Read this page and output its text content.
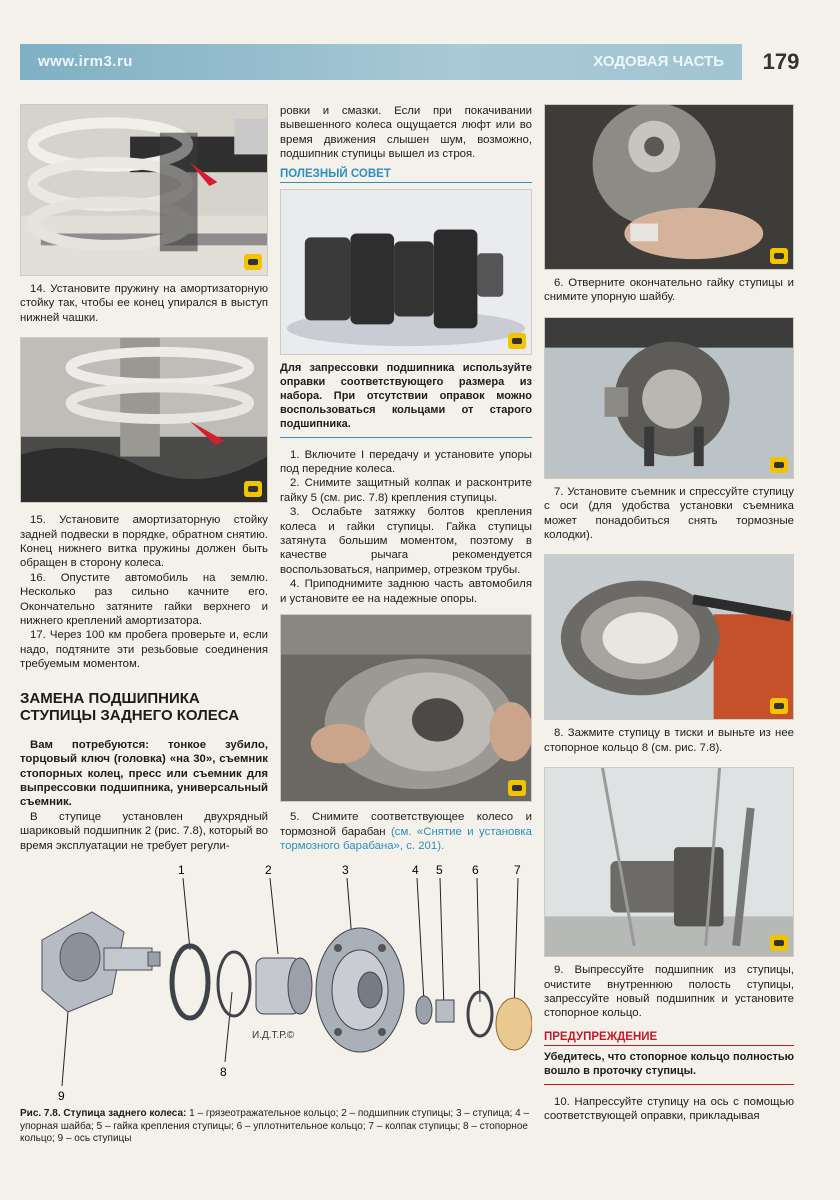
www.irm3.ru	ХОДОВАЯ ЧАСТЬ	179

14. Установите пружину на амортизаторную стойку так, чтобы ее конец упирался в выступ нижней чашки.

15. Установите амортизаторную стойку задней подвески в порядке, обратном снятию. Конец нижнего витка пружины должен быть обращен в сторону колеса.

16. Опустите автомобиль на землю. Несколько раз сильно качните его. Окончательно затяните гайки верхнего и нижнего креплений амортизатора.

17. Через 100 км пробега проверьте и, если надо, подтяните эти резьбовые соединения требуемым моментом.

ЗАМЕНА ПОДШИПНИКА СТУПИЦЫ ЗАДНЕГО КОЛЕСА

Вам потребуются: тонкое зубило, торцовый ключ (головка) «на 30», съемник стопорных колец, пресс или съемник для выпрессовки подшипника, универсальный съемник.

В ступице установлен двухрядный шариковый подшипник 2 (рис. 7.8), который во время эксплуатации не требует регули-

ровки и смазки. Если при покачивании вывешенного колеса ощущается люфт или во время движения слышен шум, возможно, подшипник ступицы вышел из строя.

ПОЛЕЗНЫЙ СОВЕТ

Для запрессовки подшипника используйте оправки соответствующего размера из набора. При отсутствии оправок можно воспользоваться кольцами от старого подшипника.

1. Включите I передачу и установите упоры под передние колеса.

2. Снимите защитный колпак и расконтрите гайку 5 (см. рис. 7.8) крепления ступицы.

3. Ослабьте затяжку болтов крепления колеса и гайки ступицы. Гайка ступицы затянута большим моментом, поэтому в качестве рычага рекомендуется воспользоваться, например, отрезком трубы.

4. Приподнимите заднюю часть автомобиля и установите ее на надежные опоры.

5. Снимите соответствующее колесо и тормозной барабан (см. «Снятие и установка тормозного барабана», с. 201).

6. Отверните окончательно гайку ступицы и снимите упорную шайбу.

7. Установите съемник и спрессуйте ступицу с оси (для удобства установки съемника может понадобиться снять тормозные колодки).

8. Зажмите ступицу в тиски и выньте из нее стопорное кольцо 8 (см. рис. 7.8).

9. Выпрессуйте подшипник из ступицы, очистите внутреннюю полость ступицы, запрессуйте новый подшипник и установите стопорное кольцо.

ПРЕДУПРЕЖДЕНИЕ

Убедитесь, что стопорное кольцо полностью вошло в проточку ступицы.

10. Напрессуйте ступицу на ось с помощью соответствующей оправки, прикладывая

1	2	3	4 5 6	7
8
9
И.Д.Т.Р.©
Рис. 7.8. Ступица заднего колеса: 1 – грязеотражательное кольцо; 2 – подшипник ступицы; 3 – ступица; 4 – упорная шайба; 5 – гайка крепления ступицы; 6 – уплотнительное кольцо; 7 – колпак ступицы; 8 – стопорное кольцо; 9 – ось ступицы
